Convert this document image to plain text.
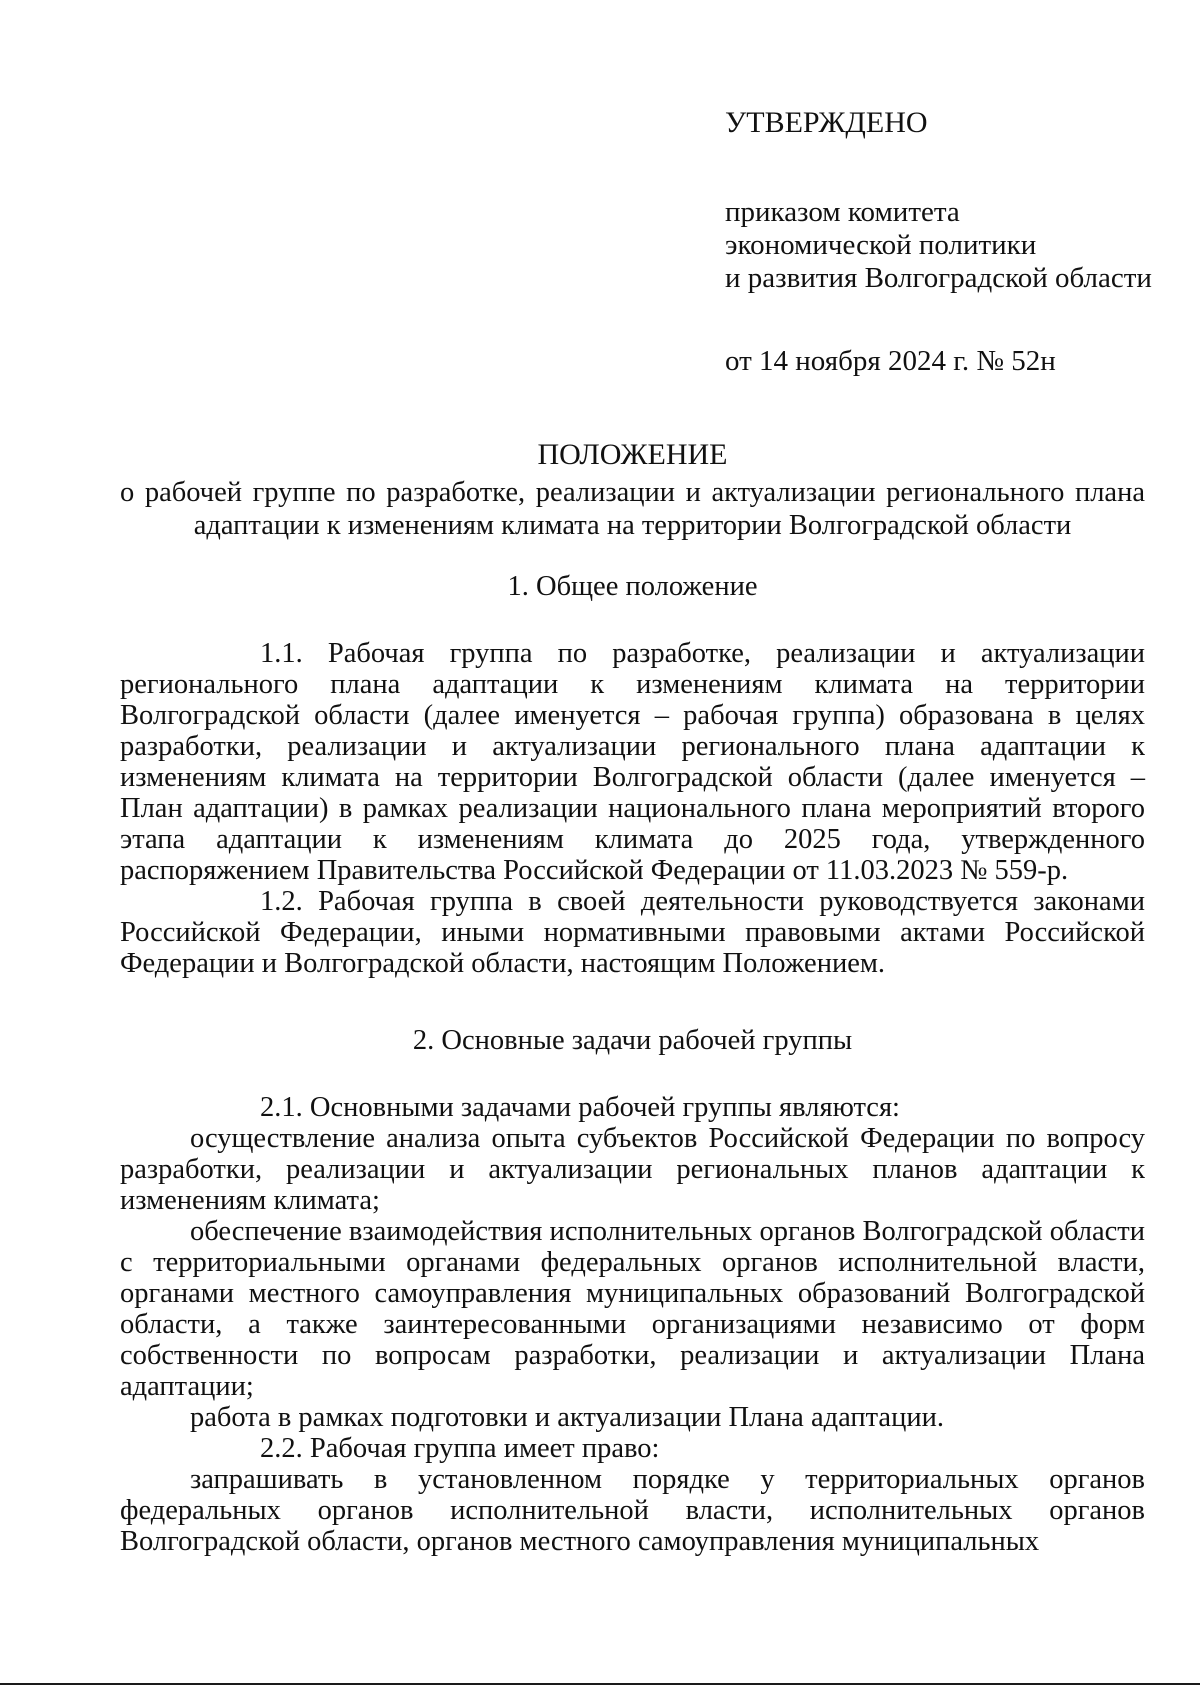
УТВЕРЖДЕНО
приказом комитета
экономической политики
и развития Волгоградской области
от 14 ноября 2024 г. № 52н
ПОЛОЖЕНИЕ
о рабочей группе по разработке, реализации и актуализации регионального плана адаптации к изменениям климата на территории Волгоградской области
1. Общее положение

1.1. Рабочая группа по разработке, реализации и актуализации регионального плана адаптации к изменениям климата на территории Волгоградской области (далее именуется – рабочая группа) образована в целях разработки, реализации и актуализации регионального плана адаптации к изменениям климата на территории Волгоградской области (далее именуется – План адаптации) в рамках реализации национального плана мероприятий второго этапа адаптации к изменениям климата до 2025 года, утвержденного распоряжением Правительства Российской Федерации от 11.03.2023 № 559-р.

1.2. Рабочая группа в своей деятельности руководствуется законами Российской Федерации, иными нормативными правовыми актами Российской Федерации и Волгоградской области, настоящим Положением.

2. Основные задачи рабочей группы

2.1. Основными задачами рабочей группы являются:

осуществление анализа опыта субъектов Российской Федерации по вопросу разработки, реализации и актуализации региональных планов адаптации к изменениям климата;

обеспечение взаимодействия исполнительных органов Волгоградской области с территориальными органами федеральных органов исполнительной власти, органами местного самоуправления муниципальных образований Волгоградской области, а также заинтересованными организациями независимо от форм собственности по вопросам разработки, реализации и актуализации Плана адаптации;

работа в рамках подготовки и актуализации Плана адаптации.

2.2. Рабочая группа имеет право:

запрашивать в установленном порядке у территориальных органов федеральных органов исполнительной власти, исполнительных органов Волгоградской области, органов местного самоуправления муниципальных
